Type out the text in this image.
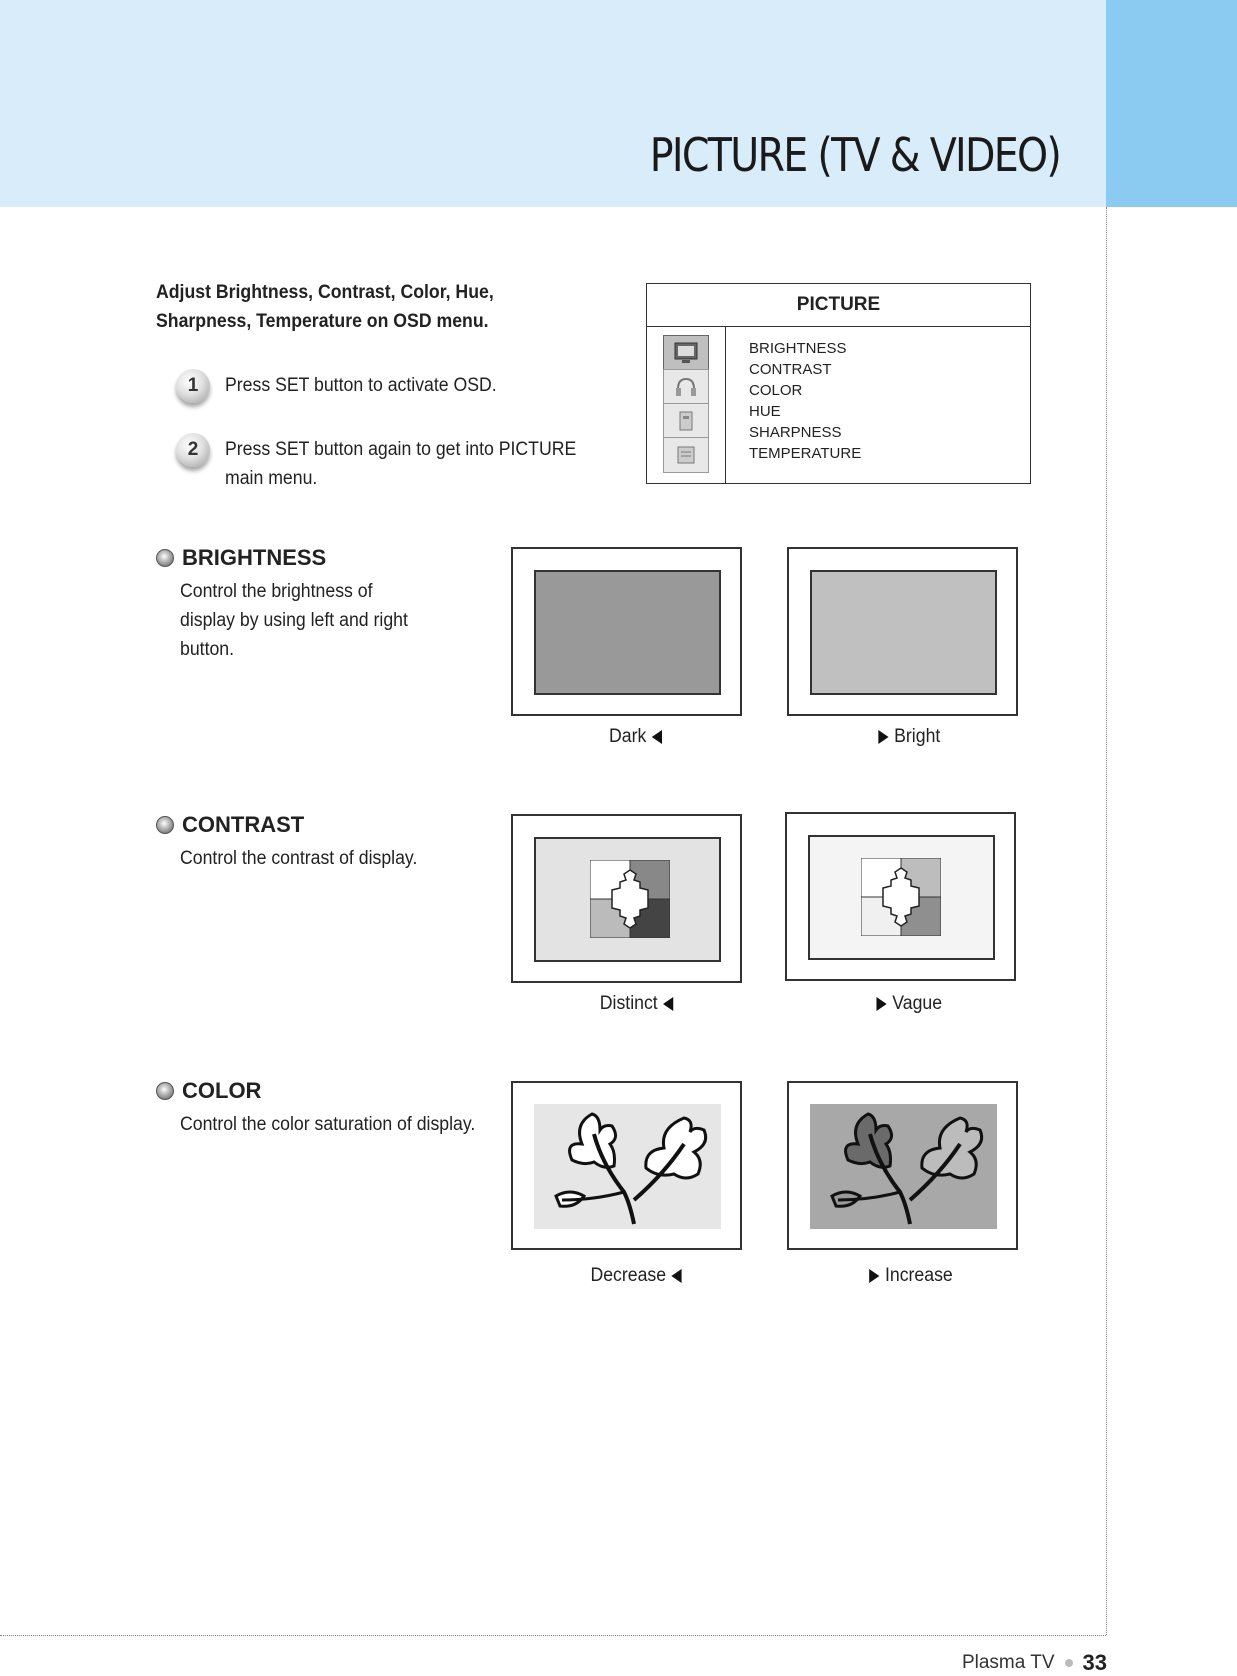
PICTURE (TV & VIDEO)
Adjust Brightness, Contrast, Color, Hue, Sharpness, Temperature on OSD menu.
1	Press SET button to activate OSD.
2	Press SET button again to get into PICTURE main menu.
PICTURE
BRIGHTNESS
CONTRAST
COLOR
HUE
SHARPNESS
TEMPERATURE
BRIGHTNESS
Control the brightness of display by using left and right button.
Dark	Bright
CONTRAST
Control the contrast of display.
Distinct	Vague
COLOR
Control the color saturation of display.
Decrease	Increase
Plasma TV 33
